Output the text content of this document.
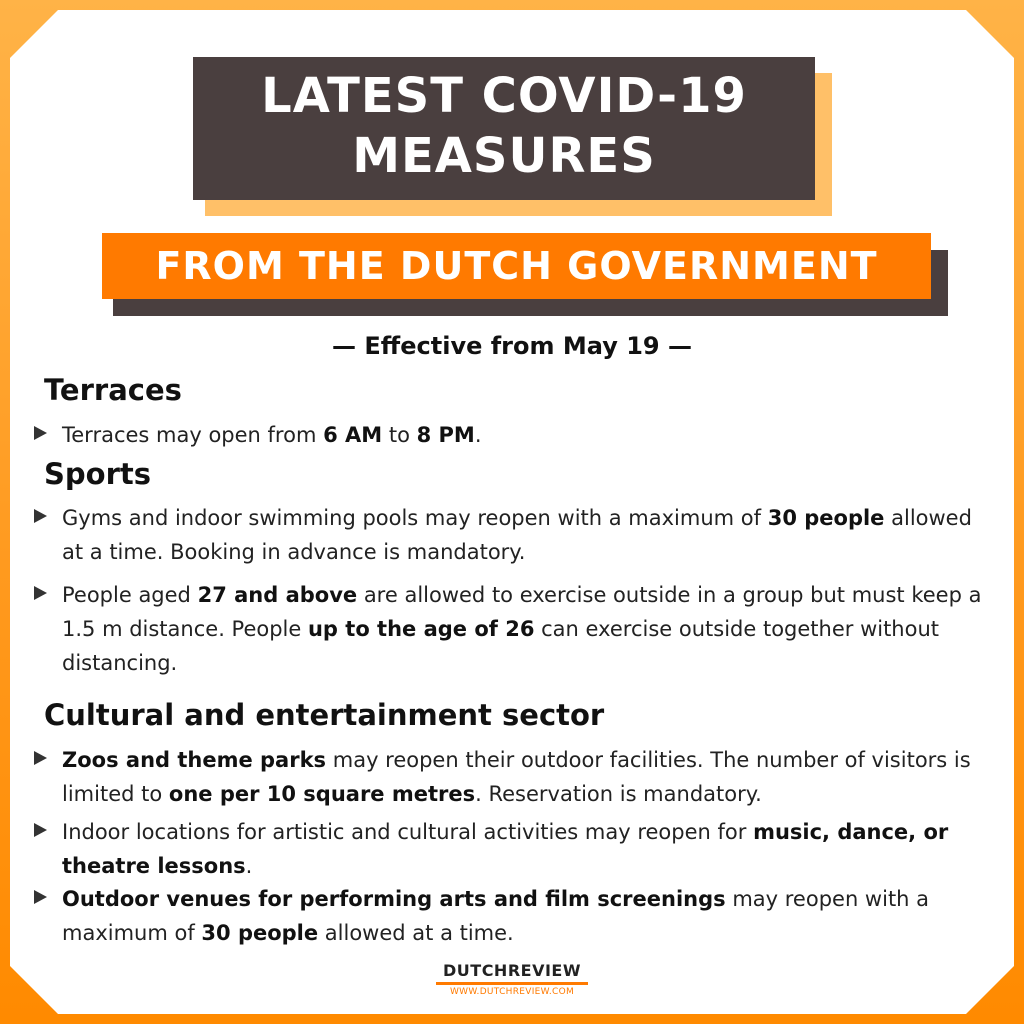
LATEST COVID-19
MEASURES
FROM THE DUTCH GOVERNMENT
— Effective from May 19 —
Terraces
Terraces may open from 6 AM to 8 PM.
Sports
Gyms and indoor swimming pools may reopen with a maximum of 30 people allowed at a time. Booking in advance is mandatory.
People aged 27 and above are allowed to exercise outside in a group but must keep a 1.5 m distance. People up to the age of 26 can exercise outside together without distancing.
Cultural and entertainment sector
Zoos and theme parks may reopen their outdoor facilities. The number of visitors is limited to one per 10 square metres. Reservation is mandatory.
Indoor locations for artistic and cultural activities may reopen for music, dance, or theatre lessons.
Outdoor venues for performing arts and film screenings may reopen with a maximum of 30 people allowed at a time.
DUTCHREVIEW
WWW.DUTCHREVIEW.COM
